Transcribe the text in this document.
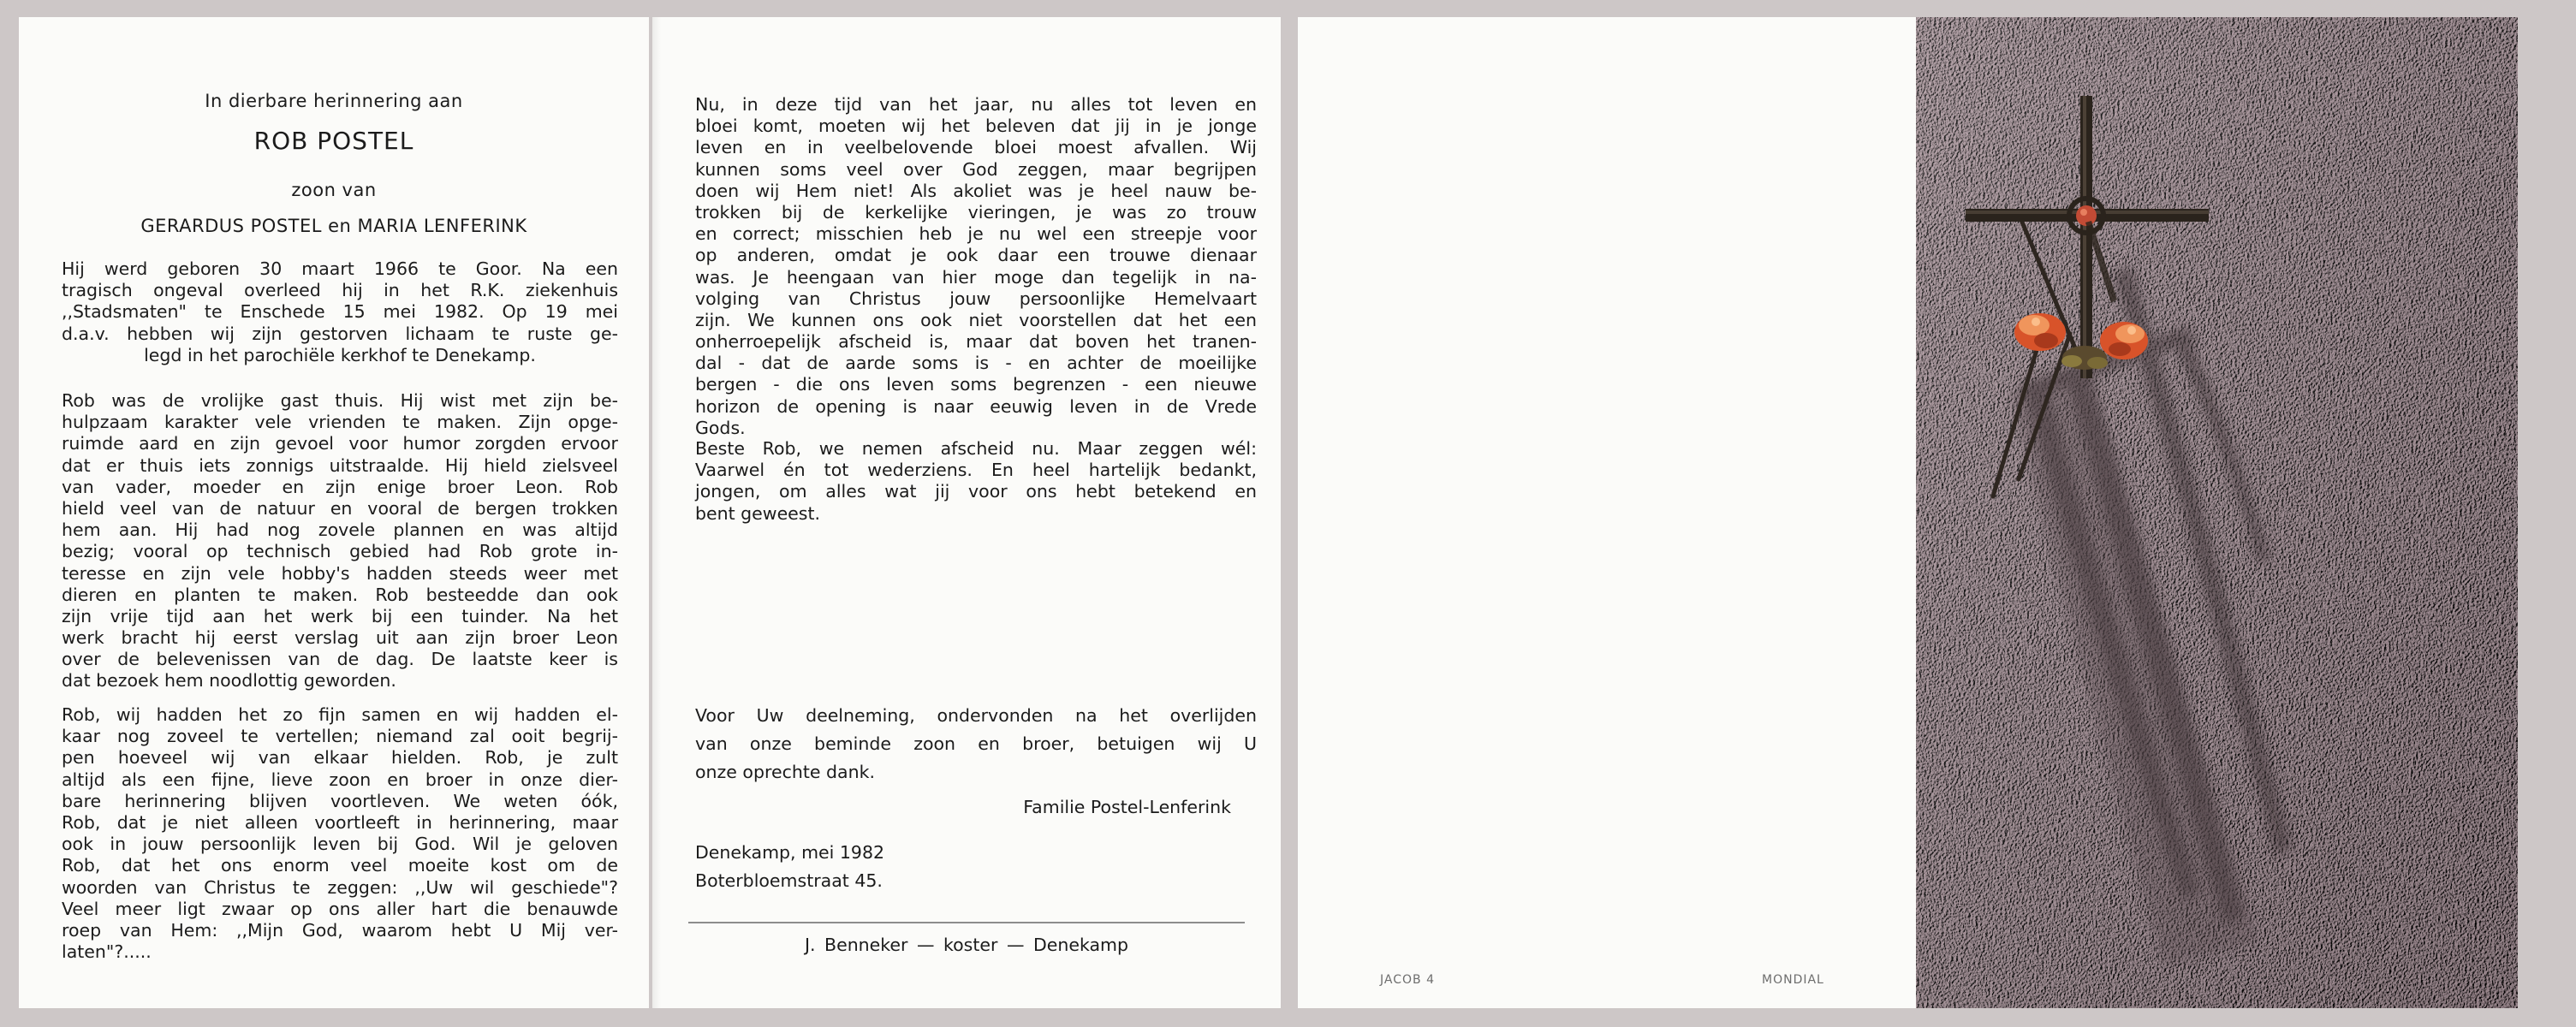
In dierbare herinnering aan
ROB POSTEL
zoon van
GERARDUS POSTEL en MARIA LENFERINK
Hij werd geboren 30 maart 1966 te Goor. Na een
tragisch ongeval overleed hij in het R.K. ziekenhuis
,,Stadsmaten" te Enschede 15 mei 1982. Op 19 mei
d.a.v. hebben wij zijn gestorven lichaam te ruste ge-
legd in het parochiële kerkhof te Denekamp.
Rob was de vrolijke gast thuis. Hij wist met zijn be-
hulpzaam karakter vele vrienden te maken. Zijn opge-
ruimde aard en zijn gevoel voor humor zorgden ervoor
dat er thuis iets zonnigs uitstraalde. Hij hield zielsveel
van vader, moeder en zijn enige broer Leon. Rob
hield veel van de natuur en vooral de bergen trokken
hem aan. Hij had nog zovele plannen en was altijd
bezig; vooral op technisch gebied had Rob grote in-
teresse en zijn vele hobby's hadden steeds weer met
dieren en planten te maken. Rob besteedde dan ook
zijn vrije tijd aan het werk bij een tuinder. Na het
werk bracht hij eerst verslag uit aan zijn broer Leon
over de belevenissen van de dag. De laatste keer is
dat bezoek hem noodlottig geworden.
Rob, wij hadden het zo fijn samen en wij hadden el-
kaar nog zoveel te vertellen; niemand zal ooit begrij-
pen hoeveel wij van elkaar hielden. Rob, je zult
altijd als een fijne, lieve zoon en broer in onze dier-
bare herinnering blijven voortleven. We weten óók,
Rob, dat je niet alleen voortleeft in herinnering, maar
ook in jouw persoonlijk leven bij God. Wil je geloven
Rob, dat het ons enorm veel moeite kost om de
woorden van Christus te zeggen: ,,Uw wil geschiede"?
Veel meer ligt zwaar op ons aller hart die benauwde
roep van Hem: ,,Mijn God, waarom hebt U Mij ver-
laten"?.....
Nu, in deze tijd van het jaar, nu alles tot leven en
bloei komt, moeten wij het beleven dat jij in je jonge
leven en in veelbelovende bloei moest afvallen. Wij
kunnen soms veel over God zeggen, maar begrijpen
doen wij Hem niet! Als akoliet was je heel nauw be-
trokken bij de kerkelijke vieringen, je was zo trouw
en correct; misschien heb je nu wel een streepje voor
op anderen, omdat je ook daar een trouwe dienaar
was. Je heengaan van hier moge dan tegelijk in na-
volging van Christus jouw persoonlijke Hemelvaart
zijn. We kunnen ons ook niet voorstellen dat het een
onherroepelijk afscheid is, maar dat boven het tranen-
dal - dat de aarde soms is - en achter de moeilijke
bergen - die ons leven soms begrenzen - een nieuwe
horizon de opening is naar eeuwig leven in de Vrede
Gods.
Beste Rob, we nemen afscheid nu. Maar zeggen wél:
Vaarwel én tot wederziens. En heel hartelijk bedankt,
jongen, om alles wat jij voor ons hebt betekend en
bent geweest.
Voor Uw deelneming, ondervonden na het overlijden
van onze beminde zoon en broer, betuigen wij U
onze oprechte dank.
Familie Postel-Lenferink
Denekamp, mei 1982
Boterbloemstraat 45.
J. Benneker — koster — Denekamp
JACOB 4	MONDIAL
